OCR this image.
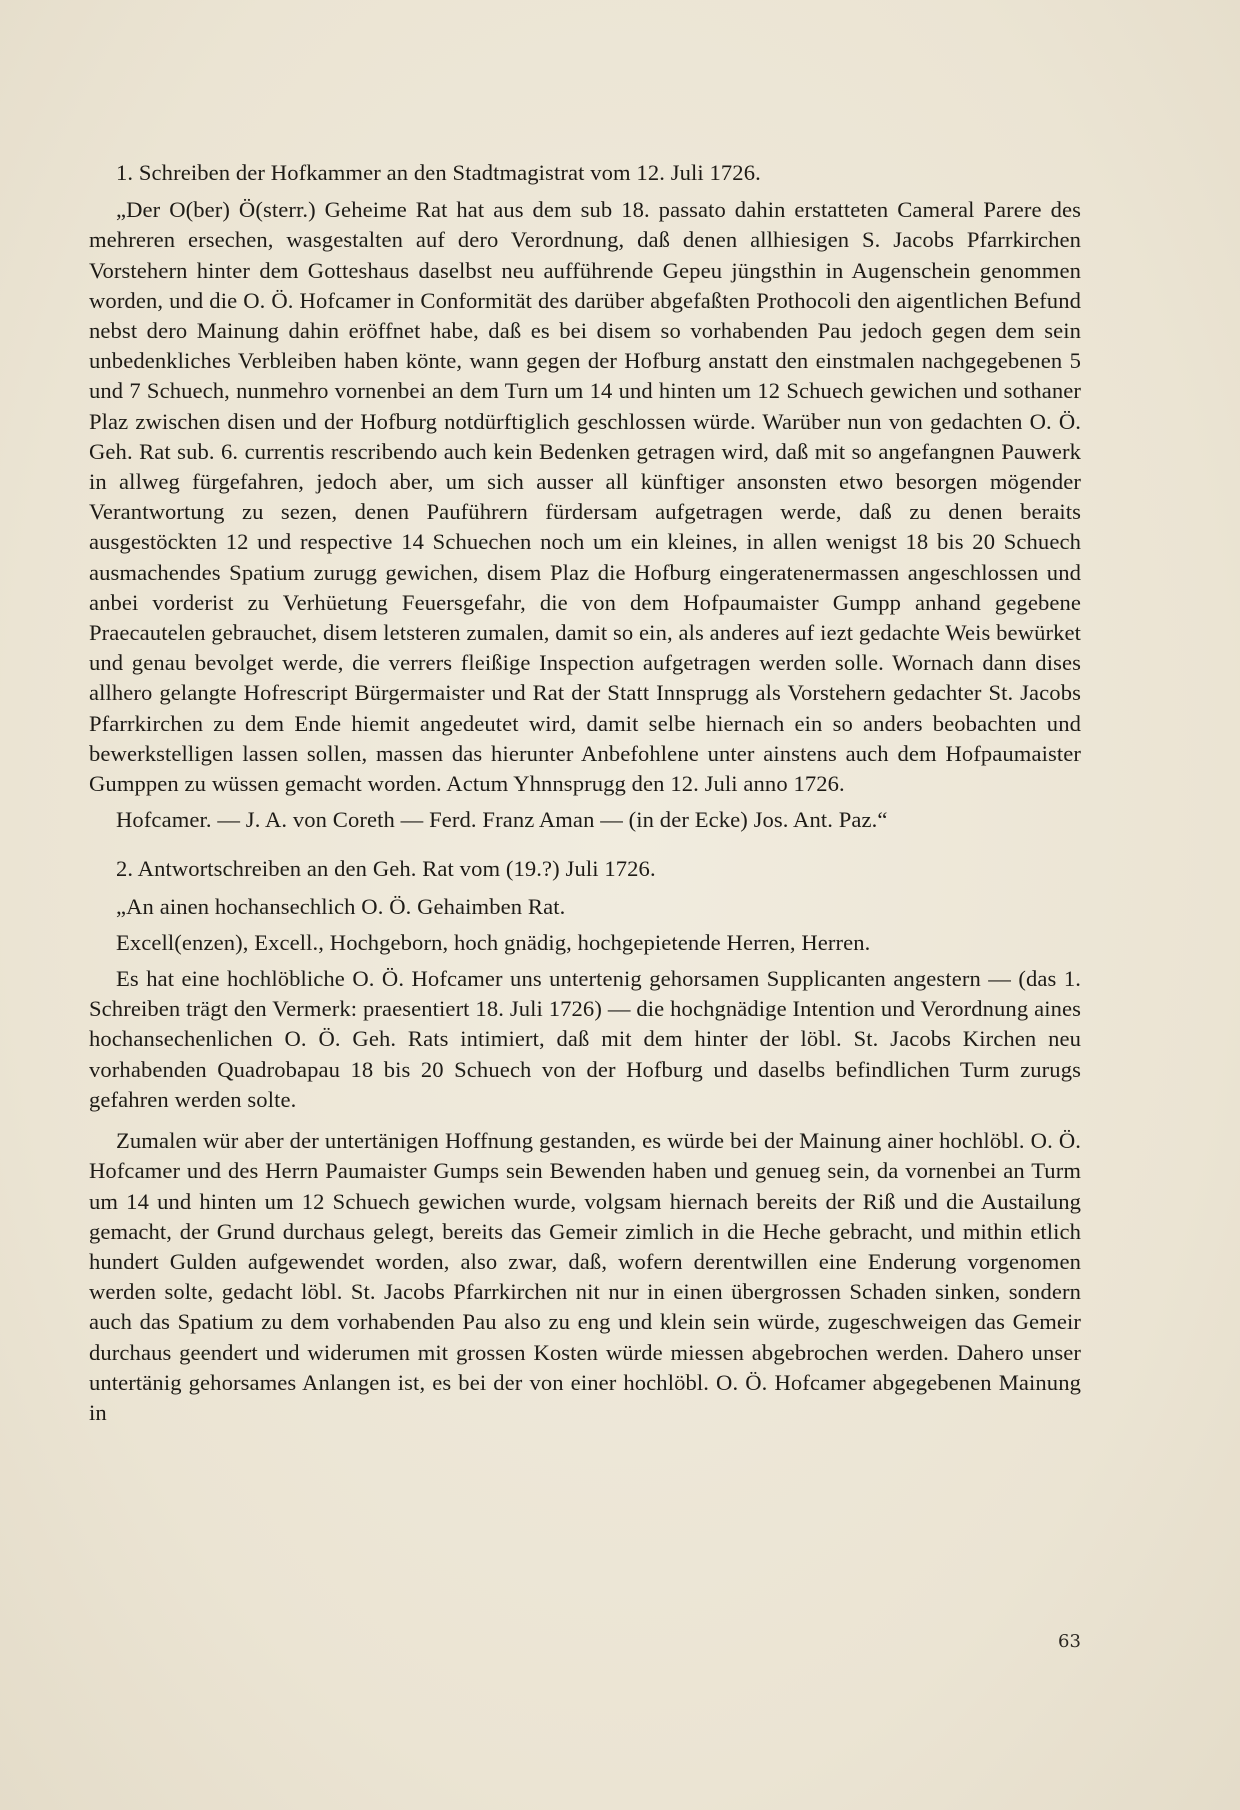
1. Schreiben der Hofkammer an den Stadtmagistrat vom 12. Juli 1726.

„Der O(ber) Ö(sterr.) Geheime Rat hat aus dem sub 18. passato dahin erstatteten Cameral Parere des mehreren ersechen, wasgestalten auf dero Verordnung, daß denen allhiesigen S. Jacobs Pfarrkirchen Vorstehern hinter dem Gotteshaus daselbst neu aufführende Gepeu jüngsthin in Augenschein genommen worden, und die O. Ö. Hofcamer in Conformität des darüber abgefaßten Prothocoli den aigentlichen Befund nebst dero Mainung dahin eröffnet habe, daß es bei disem so vorhabenden Pau jedoch gegen dem sein unbedenkliches Verbleiben haben könte, wann gegen der Hofburg anstatt den einstmalen nachgegebenen 5 und 7 Schuech, nunmehro vornenbei an dem Turn um 14 und hinten um 12 Schuech gewichen und sothaner Plaz zwischen disen und der Hofburg notdürftiglich geschlossen würde. Warüber nun von gedachten O. Ö. Geh. Rat sub. 6. currentis rescribendo auch kein Bedenken getragen wird, daß mit so angefangnen Pauwerk in allweg fürgefahren, jedoch aber, um sich ausser all künftiger ansonsten etwo besorgen mögender Verantwortung zu sezen, denen Pauführern fürdersam aufgetragen werde, daß zu denen beraits ausgestöckten 12 und respective 14 Schuechen noch um ein kleines, in allen wenigst 18 bis 20 Schuech ausmachendes Spatium zurugg gewichen, disem Plaz die Hofburg eingeratenermassen angeschlossen und anbei vorderist zu Verhüetung Feuersgefahr, die von dem Hofpaumaister Gumpp anhand gegebene Praecautelen gebrauchet, disem letsteren zumalen, damit so ein, als anderes auf iezt gedachte Weis bewürket und genau bevolget werde, die verrers fleißige Inspection aufgetragen werden solle. Wornach dann dises allhero gelangte Hofrescript Bürgermaister und Rat der Statt Innsprugg als Vorstehern gedachter St. Jacobs Pfarrkirchen zu dem Ende hiemit angedeutet wird, damit selbe hiernach ein so anders beobachten und bewerkstelligen lassen sollen, massen das hierunter Anbefohlene unter ainstens auch dem Hofpaumaister Gumppen zu wüssen gemacht worden. Actum Yhnnsprugg den 12. Juli anno 1726.

Hofcamer. — J. A. von Coreth — Ferd. Franz Aman — (in der Ecke) Jos. Ant. Paz.“

2. Antwortschreiben an den Geh. Rat vom (19.?) Juli 1726.

„An ainen hochansechlich O. Ö. Gehaimben Rat.

Excell(enzen), Excell., Hochgeborn, hoch gnädig, hochgepietende Herren, Herren.

Es hat eine hochlöbliche O. Ö. Hofcamer uns untertenig gehorsamen Supplicanten angestern — (das 1. Schreiben trägt den Vermerk: praesentiert 18. Juli 1726) — die hochgnädige Intention und Verordnung aines hochansechenlichen O. Ö. Geh. Rats intimiert, daß mit dem hinter der löbl. St. Jacobs Kirchen neu vorhabenden Quadrobapau 18 bis 20 Schuech von der Hofburg und daselbs befindlichen Turm zurugs gefahren werden solte.

Zumalen wür aber der untertänigen Hoffnung gestanden, es würde bei der Mainung ainer hochlöbl. O. Ö. Hofcamer und des Herrn Paumaister Gumps sein Bewenden haben und genueg sein, da vornenbei an Turm um 14 und hinten um 12 Schuech gewichen wurde, volgsam hiernach bereits der Riß und die Austailung gemacht, der Grund durchaus gelegt, bereits das Gemeir zimlich in die Heche gebracht, und mithin etlich hundert Gulden aufgewendet worden, also zwar, daß, wofern derentwillen eine Enderung vorgenomen werden solte, gedacht löbl. St. Jacobs Pfarrkirchen nit nur in einen übergrossen Schaden sinken, sondern auch das Spatium zu dem vorhabenden Pau also zu eng und klein sein würde, zugeschweigen das Gemeir durchaus geendert und widerumen mit grossen Kosten würde miessen abgebrochen werden. Dahero unser untertänig gehorsames Anlangen ist, es bei der von einer hochlöbl. O. Ö. Hofcamer abgegebenen Mainung in

63
